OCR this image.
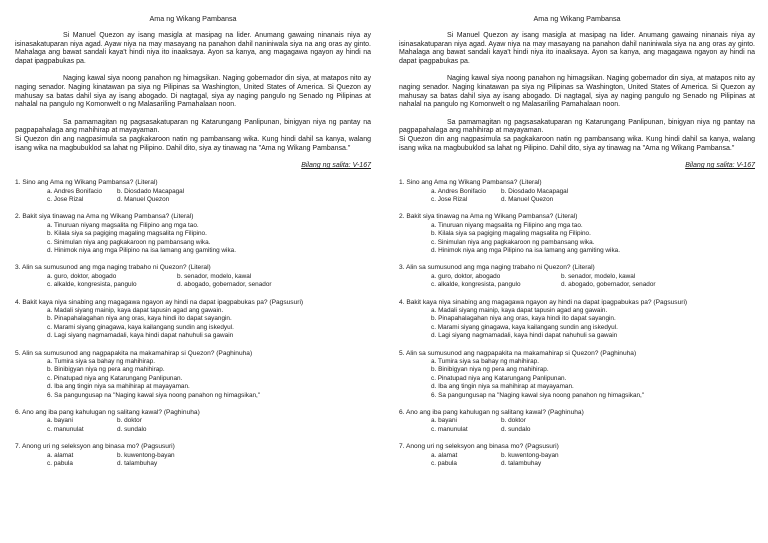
Ama ng Wikang Pambansa

Si Manuel Quezon ay isang masigla at masipag na lider. Anumang gawaing ninanais niya ay isinasakatuparan niya agad. Ayaw niya na may masayang na panahon dahil naniniwala siya na ang oras ay ginto. Mahalaga ang bawat sandali kaya't hindi niya ito inaaksaya. Ayon sa kanya, ang magagawa ngayon ay hindi na dapat ipagpabukas pa.

Naging kawal siya noong panahon ng himagsikan. Naging gobernador din siya, at matapos nito ay naging senador. Naging kinatawan pa siya ng Pilipinas sa Washington, United States of America. Si Quezon ay mahusay sa batas dahil siya ay isang abogado. Di nagtagal, siya ay naging pangulo ng Senado ng Pilipinas at nahalal na pangulo ng Komonwelt o ng Malasariling Pamahalaan noon.

Sa pamamagitan ng pagsasakatuparan ng Katarungang Panlipunan, binigyan niya ng pantay na pagpapahalaga ang mahihirap at mayayaman.

Si Quezon din ang nagpasimula sa pagkakaroon natin ng pambansang wika. Kung hindi dahil sa kanya, walang isang wika na magbubuklod sa lahat ng Pilipino. Dahil dito, siya ay tinawag na "Ama ng Wikang Pambansa."

Bilang ng salita: V-167
1. Sino ang Ama ng Wikang Pambansa? (Literal)
a. Andres Bonifacio	b. Diosdado Macapagal
c. Jose Rizal	d. Manuel Quezon
2. Bakit siya tinawag na Ama ng Wikang Pambansa? (Literal)
a. Tinuruan niyang magsalita ng Filipino ang mga tao.
b. Kilala siya sa pagiging magaling magsalita ng Filipino.
c. Sinimulan niya ang pagkakaroon ng pambansang wika.
d. Hinimok niya ang mga Pilipino na isa lamang ang gamiting wika.
3. Alin sa sumusunod ang mga naging trabaho ni Quezon? (Literal)
a. guro, doktor, abogado	b. senador, modelo, kawal
c. alkalde, kongresista, pangulo	d. abogado, gobernador, senador
4. Bakit kaya niya sinabing ang magagawa ngayon ay hindi na dapat ipagpabukas pa? (Pagsusuri)
a. Madali siyang mainip, kaya dapat tapusin agad ang gawain.
b. Pinapahalagahan niya ang oras, kaya hindi ito dapat sayangin.
c. Marami siyang ginagawa, kaya kailangang sundin ang iskedyul.
d. Lagi siyang nagmamadali, kaya hindi dapat nahuhuli sa gawain
5. Alin sa sumusunod ang nagpapakita na makamahirap si Quezon? (Paghinuha)
a. Tumira siya sa bahay ng mahihirap.
b. Binibigyan niya ng pera ang mahihirap.
c. Pinatupad niya ang Katarungang Panlipunan.
d. Iba ang tingin niya sa mahihirap at mayayaman.
6. Sa pangungusap na "Naging kawal siya noong panahon ng himagsikan,"
6. Ano ang iba pang kahulugan ng salitang kawal? (Paghinuha)
a. bayani	b. doktor
c. manunulat	d. sundalo
7. Anong uri ng seleksyon ang binasa mo? (Pagsusuri)
a. alamat	b. kuwentong-bayan
c. pabula	d. talambuhay
Ama ng Wikang Pambansa

Si Manuel Quezon ay isang masigla at masipag na lider. Anumang gawaing ninanais niya ay isinasakatuparan niya agad. Ayaw niya na may masayang na panahon dahil naniniwala siya na ang oras ay ginto. Mahalaga ang bawat sandali kaya't hindi niya ito inaaksaya. Ayon sa kanya, ang magagawa ngayon ay hindi na dapat ipagpabukas pa.

Naging kawal siya noong panahon ng himagsikan. Naging gobernador din siya, at matapos nito ay naging senador. Naging kinatawan pa siya ng Pilipinas sa Washington, United States of America. Si Quezon ay mahusay sa batas dahil siya ay isang abogado. Di nagtagal, siya ay naging pangulo ng Senado ng Pilipinas at nahalal na pangulo ng Komonwelt o ng Malasariling Pamahalaan noon.

Sa pamamagitan ng pagsasakatuparan ng Katarungang Panlipunan, binigyan niya ng pantay na pagpapahalaga ang mahihirap at mayayaman.

Si Quezon din ang nagpasimula sa pagkakaroon natin ng pambansang wika. Kung hindi dahil sa kanya, walang isang wika na magbubuklod sa lahat ng Pilipino. Dahil dito, siya ay tinawag na "Ama ng Wikang Pambansa."

Bilang ng salita: V-167
1. Sino ang Ama ng Wikang Pambansa? (Literal)
a. Andres Bonifacio	b. Diosdado Macapagal
c. Jose Rizal	d. Manuel Quezon
2. Bakit siya tinawag na Ama ng Wikang Pambansa? (Literal)
a. Tinuruan niyang magsalita ng Filipino ang mga tao.
b. Kilala siya sa pagiging magaling magsalita ng Filipino.
c. Sinimulan niya ang pagkakaroon ng pambansang wika.
d. Hinimok niya ang mga Pilipino na isa lamang ang gamiting wika.
3. Alin sa sumusunod ang mga naging trabaho ni Quezon? (Literal)
a. guro, doktor, abogado	b. senador, modelo, kawal
c. alkalde, kongresista, pangulo	d. abogado, gobernador, senador
4. Bakit kaya niya sinabing ang magagawa ngayon ay hindi na dapat ipagpabukas pa? (Pagsusuri)
a. Madali siyang mainip, kaya dapat tapusin agad ang gawain.
b. Pinapahalagahan niya ang oras, kaya hindi ito dapat sayangin.
c. Marami siyang ginagawa, kaya kailangang sundin ang iskedyul.
d. Lagi siyang nagmamadali, kaya hindi dapat nahuhuli sa gawain
5. Alin sa sumusunod ang nagpapakita na makamahirap si Quezon? (Paghinuha)
a. Tumira siya sa bahay ng mahihirap.
b. Binibigyan niya ng pera ang mahihirap.
c. Pinatupad niya ang Katarungang Panlipunan.
d. Iba ang tingin niya sa mahihirap at mayayaman.
6. Sa pangungusap na "Naging kawal siya noong panahon ng himagsikan,"
6. Ano ang iba pang kahulugan ng salitang kawal? (Paghinuha)
a. bayani	b. doktor
c. manunulat	d. sundalo
7. Anong uri ng seleksyon ang binasa mo? (Pagsusuri)
a. alamat	b. kuwentong-bayan
c. pabula	d. talambuhay
